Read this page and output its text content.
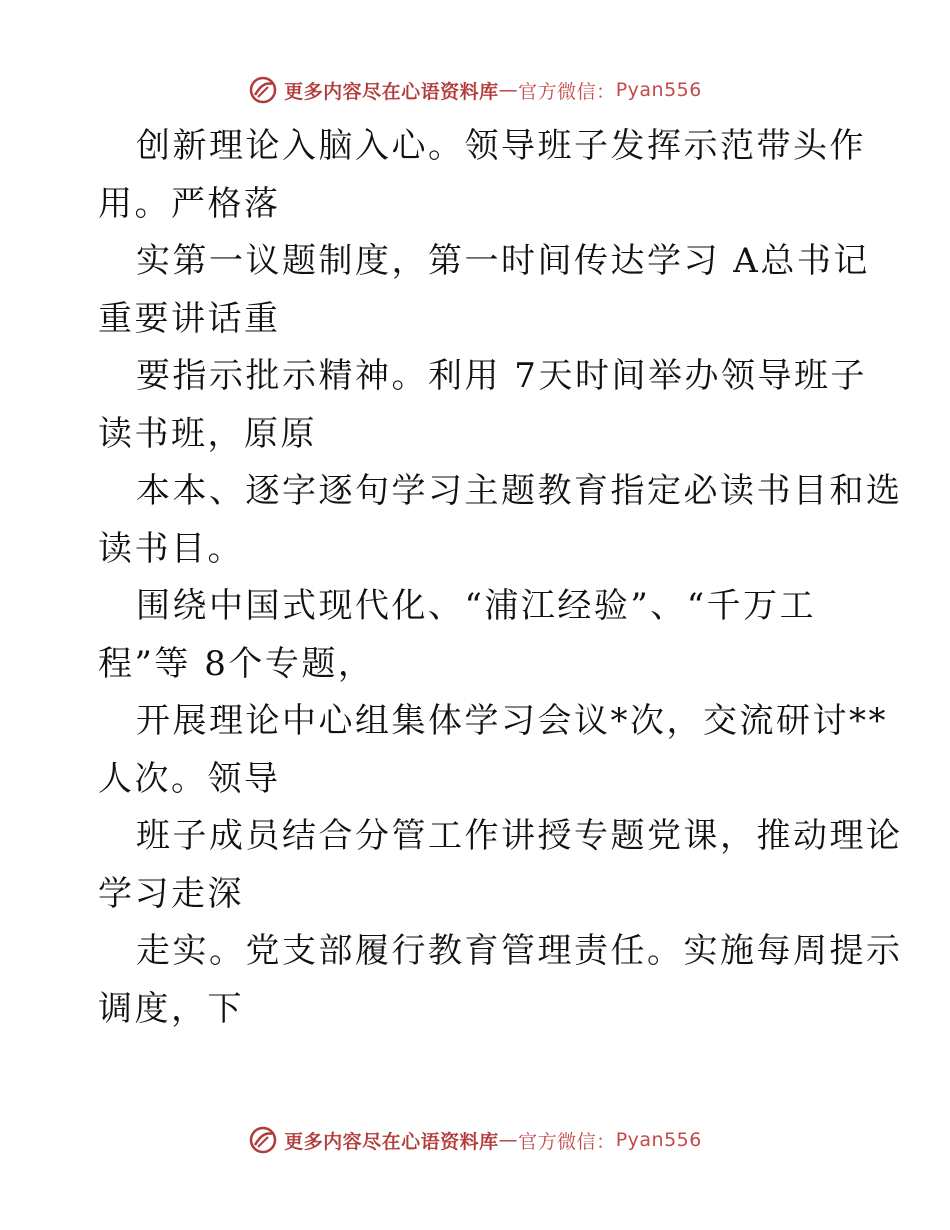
更多内容尽在心语资料库 — 官方微信： Pyan556

创新理论入脑入心。领导班子发挥示范带头作

用。严格落

实第一议题制度，第一时间传达学习 A总书记

重要讲话重

要指示批示精神。利用 7天时间举办领导班子

读书班，原原

本本、逐字逐句学习主题教育指定必读书目和选

读书目。

围绕中国式现代化、“浦江经验”、“千万工

程”等 8个专题，

开展理论中心组集体学习会议*次，交流研讨**

人次。领导

班子成员结合分管工作讲授专题党课，推动理论

学习走深

走实。党支部履行教育管理责任。实施每周提示

调度，下

更多内容尽在心语资料库 — 官方微信： Pyan556
